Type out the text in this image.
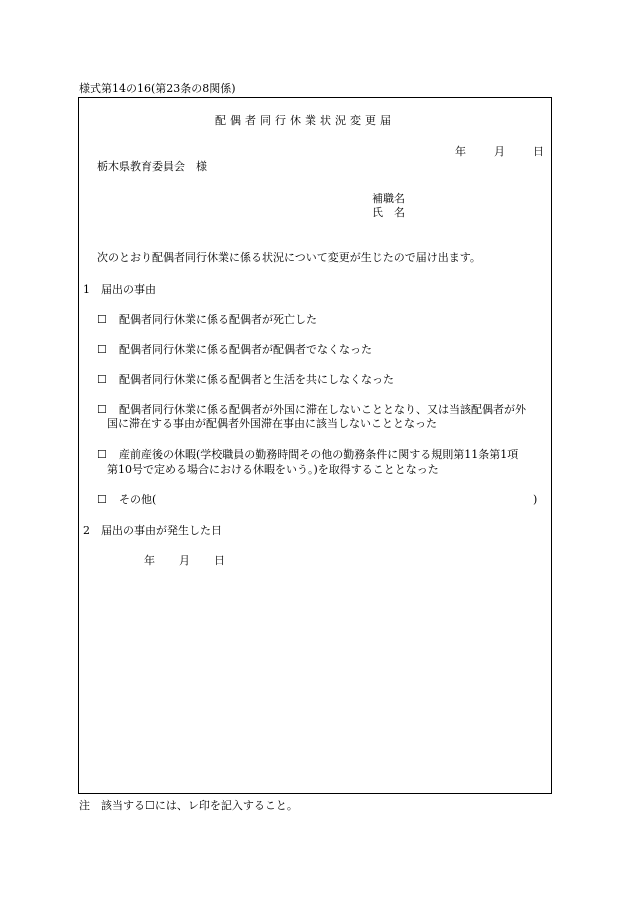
様式第14の16(第23条の8関係)
配偶者同行休業状況変更届
年	月	日
栃木県教育委員会　様
補職名
氏　名
次のとおり配偶者同行休業に係る状況について変更が生じたので届け出ます。
1　届出の事由
☐ 配偶者同行休業に係る配偶者が死亡した
☐ 配偶者同行休業に係る配偶者が配偶者でなくなった
☐ 配偶者同行休業に係る配偶者と生活を共にしなくなった
☐ 配偶者同行休業に係る配偶者が外国に滞在しないこととなり、又は当該配偶者が外
国に滞在する事由が配偶者外国滞在事由に該当しないこととなった
☐ 産前産後の休暇(学校職員の勤務時間その他の勤務条件に関する規則第11条第1項
第10号で定める場合における休暇をいう。)を取得することとなった
☐ その他(	)
2　届出の事由が発生した日
年 月 日
注　該当する☐には、レ印を記入すること。
